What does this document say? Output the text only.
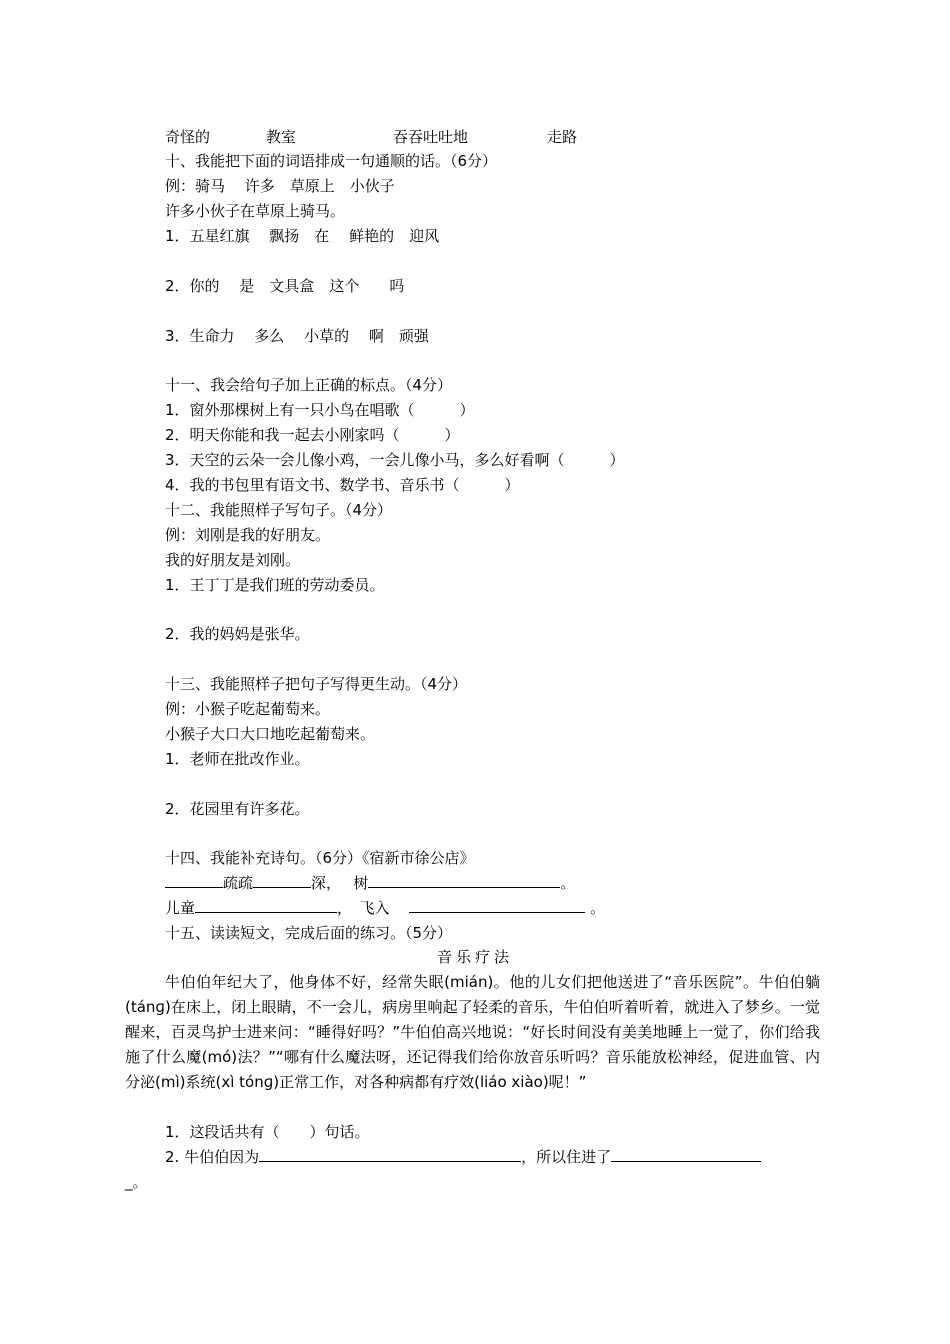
奇怪的

	教室

	吞吞吐吐地

	走路

十、我能把下面的词语排成一句通顺的话。（6分）
例：骑马　 许多　草原上　小伙子
许多小伙子在草原上骑马。
1．五星红旗　 飘扬　在　 鲜艳的　迎风
2．你的　 是　文具盒　这个　　吗
3．生命力　 多么　 小草的　 啊　顽强
十一、我会给句子加上正确的标点。（4分）
1．窗外那棵树上有一只小鸟在唱歌（　　　）
2．明天你能和我一起去小刚家吗（　　　）
3．天空的云朵一会儿像小鸡，一会儿像小马，多么好看啊（　　　）
4．我的书包里有语文书、数学书、音乐书（　　　）
十二、我能照样子写句子。（4分）
例：刘刚是我的好朋友。
我的好朋友是刘刚。
1．王丁丁是我们班的劳动委员。
2．我的妈妈是张华。
十三、我能照样子把句子写得更生动。（4分）
例：小猴子吃起葡萄来。
小猴子大口大口地吃起葡萄来。
1．老师在批改作业。
2．花园里有许多花。
十四、我能补充诗句。（6分）《宿新市徐公店》
疏疏	深，　 树	。
儿童	，　飞入　	。
十五、读读短文，完成后面的练习。（5分）
音乐疗法
牛伯伯年纪大了，他身体不好，经常失眠(mián)。他的儿女们把他送进了“音乐医院”。牛伯伯躺(tánɡ)在床上，闭上眼睛，不一会儿，病房里响起了轻柔的音乐，牛伯伯听着听着，就进入了梦乡。一觉醒来，百灵鸟护士进来问：“睡得好吗？”牛伯伯高兴地说：“好长时间没有美美地睡上一觉了，你们给我施了什么魔(mó)法？”“哪有什么魔法呀，还记得我们给你放音乐听吗？音乐能放松神经，促进血管、内分泌(mì)系统(xì tónɡ)正常工作，对各种病都有疗效(liáo xiào)呢！”
1．这段话共有（　　）句话。
2. 牛伯伯因为	，所以住进了
_。
